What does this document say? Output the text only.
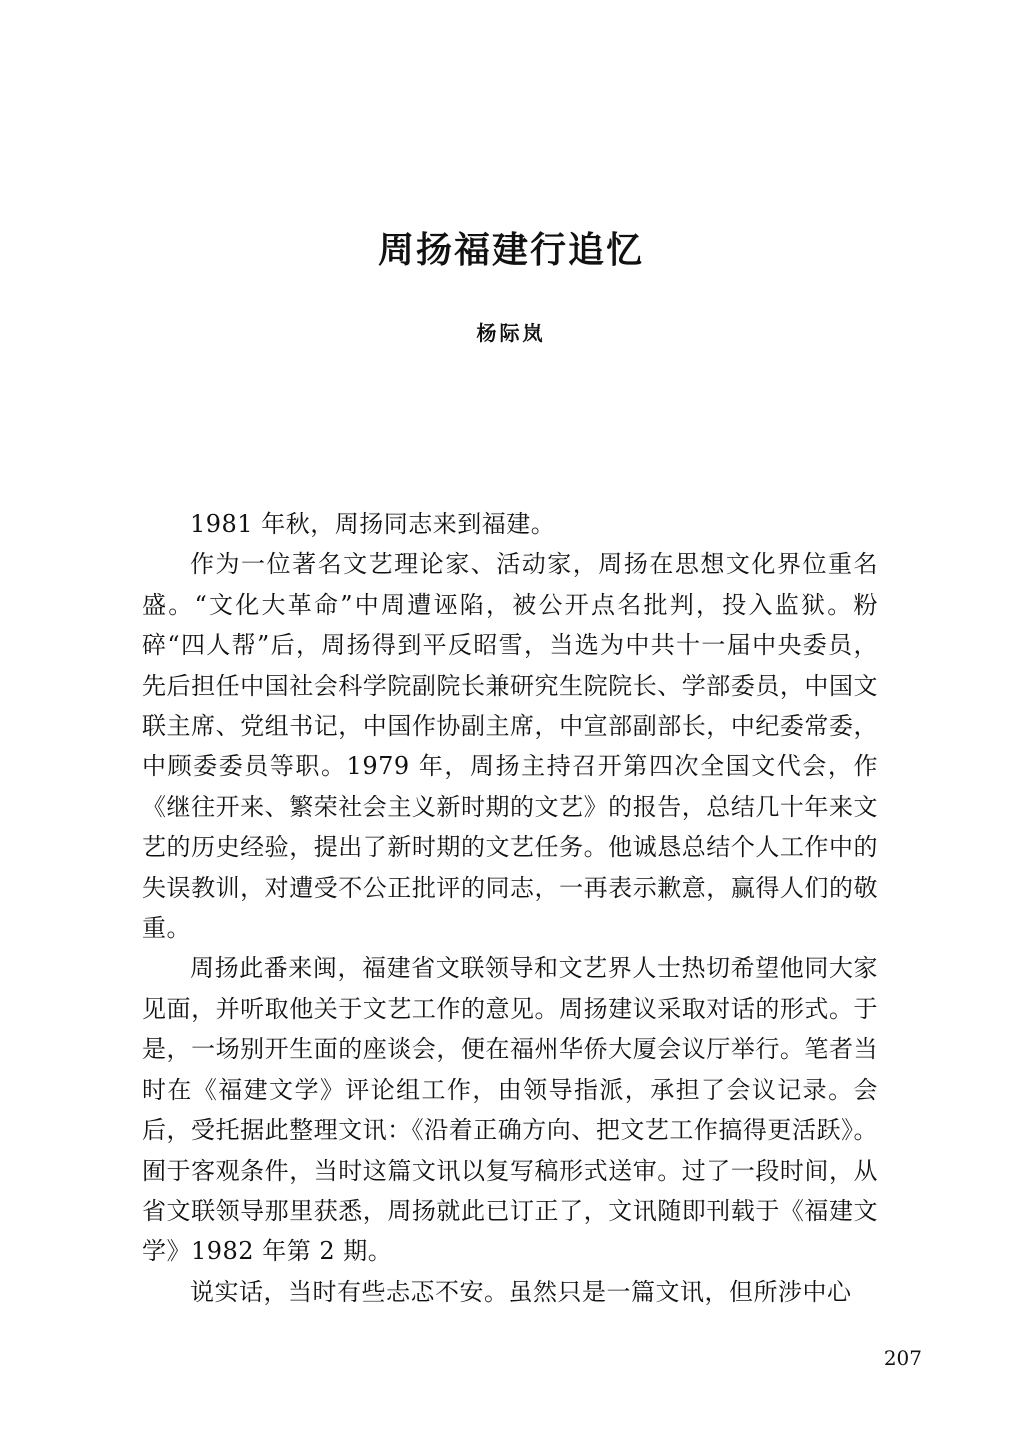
周扬福建行追忆
杨际岚

1981 年秋，周扬同志来到福建。

作为一位著名文艺理论家、活动家，周扬在思想文化界位重名盛。“文化大革命”中周遭诬陷，被公开点名批判，投入监狱。粉碎“四人帮”后，周扬得到平反昭雪，当选为中共十一届中央委员，先后担任中国社会科学院副院长兼研究生院院长、学部委员，中国文联主席、党组书记，中国作协副主席，中宣部副部长，中纪委常委，中顾委委员等职。1979 年，周扬主持召开第四次全国文代会，作《继往开来、繁荣社会主义新时期的文艺》的报告，总结几十年来文艺的历史经验，提出了新时期的文艺任务。他诚恳总结个人工作中的失误教训，对遭受不公正批评的同志，一再表示歉意，赢得人们的敬重。

周扬此番来闽，福建省文联领导和文艺界人士热切希望他同大家见面，并听取他关于文艺工作的意见。周扬建议采取对话的形式。于是，一场别开生面的座谈会，便在福州华侨大厦会议厅举行。笔者当时在《福建文学》评论组工作，由领导指派，承担了会议记录。会后，受托据此整理文讯：《沿着正确方向、把文艺工作搞得更活跃》。囿于客观条件，当时这篇文讯以复写稿形式送审。过了一段时间，从省文联领导那里获悉，周扬就此已订正了，文讯随即刊载于《福建文学》1982 年第 2 期。

说实话，当时有些忐忑不安。虽然只是一篇文讯，但所涉中心

207
